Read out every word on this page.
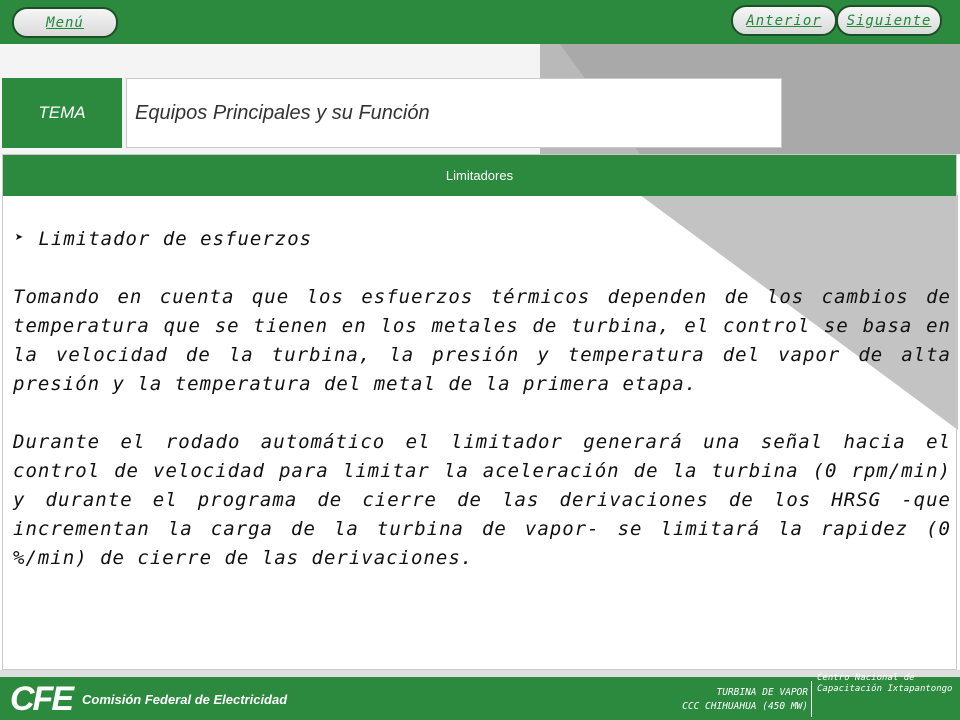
Menú	Anterior	Siguiente
TEMA	Equipos Principales y su Función
Limitadores
➤ Limitador de esfuerzos

Tomando en cuenta que los esfuerzos térmicos dependen de los cambios de temperatura que se tienen en los metales de turbina, el control se basa en la velocidad de la turbina, la presión y temperatura del vapor de alta presión y la temperatura del metal de la primera etapa.

Durante el rodado automático el limitador generará una señal hacia el control de velocidad para limitar la aceleración de la turbina (0 rpm/min) y durante el programa de cierre de las derivaciones de los HRSG -que incrementan la carga de la turbina de vapor- se limitará la rapidez (0 %/min) de cierre de las derivaciones.

CFE Comisión Federal de Electricidad	TURBINA DE VAPOR
CCC CHIHUAHUA (450 MW)
Centro Nacional de Capacitación Ixtapantongo
